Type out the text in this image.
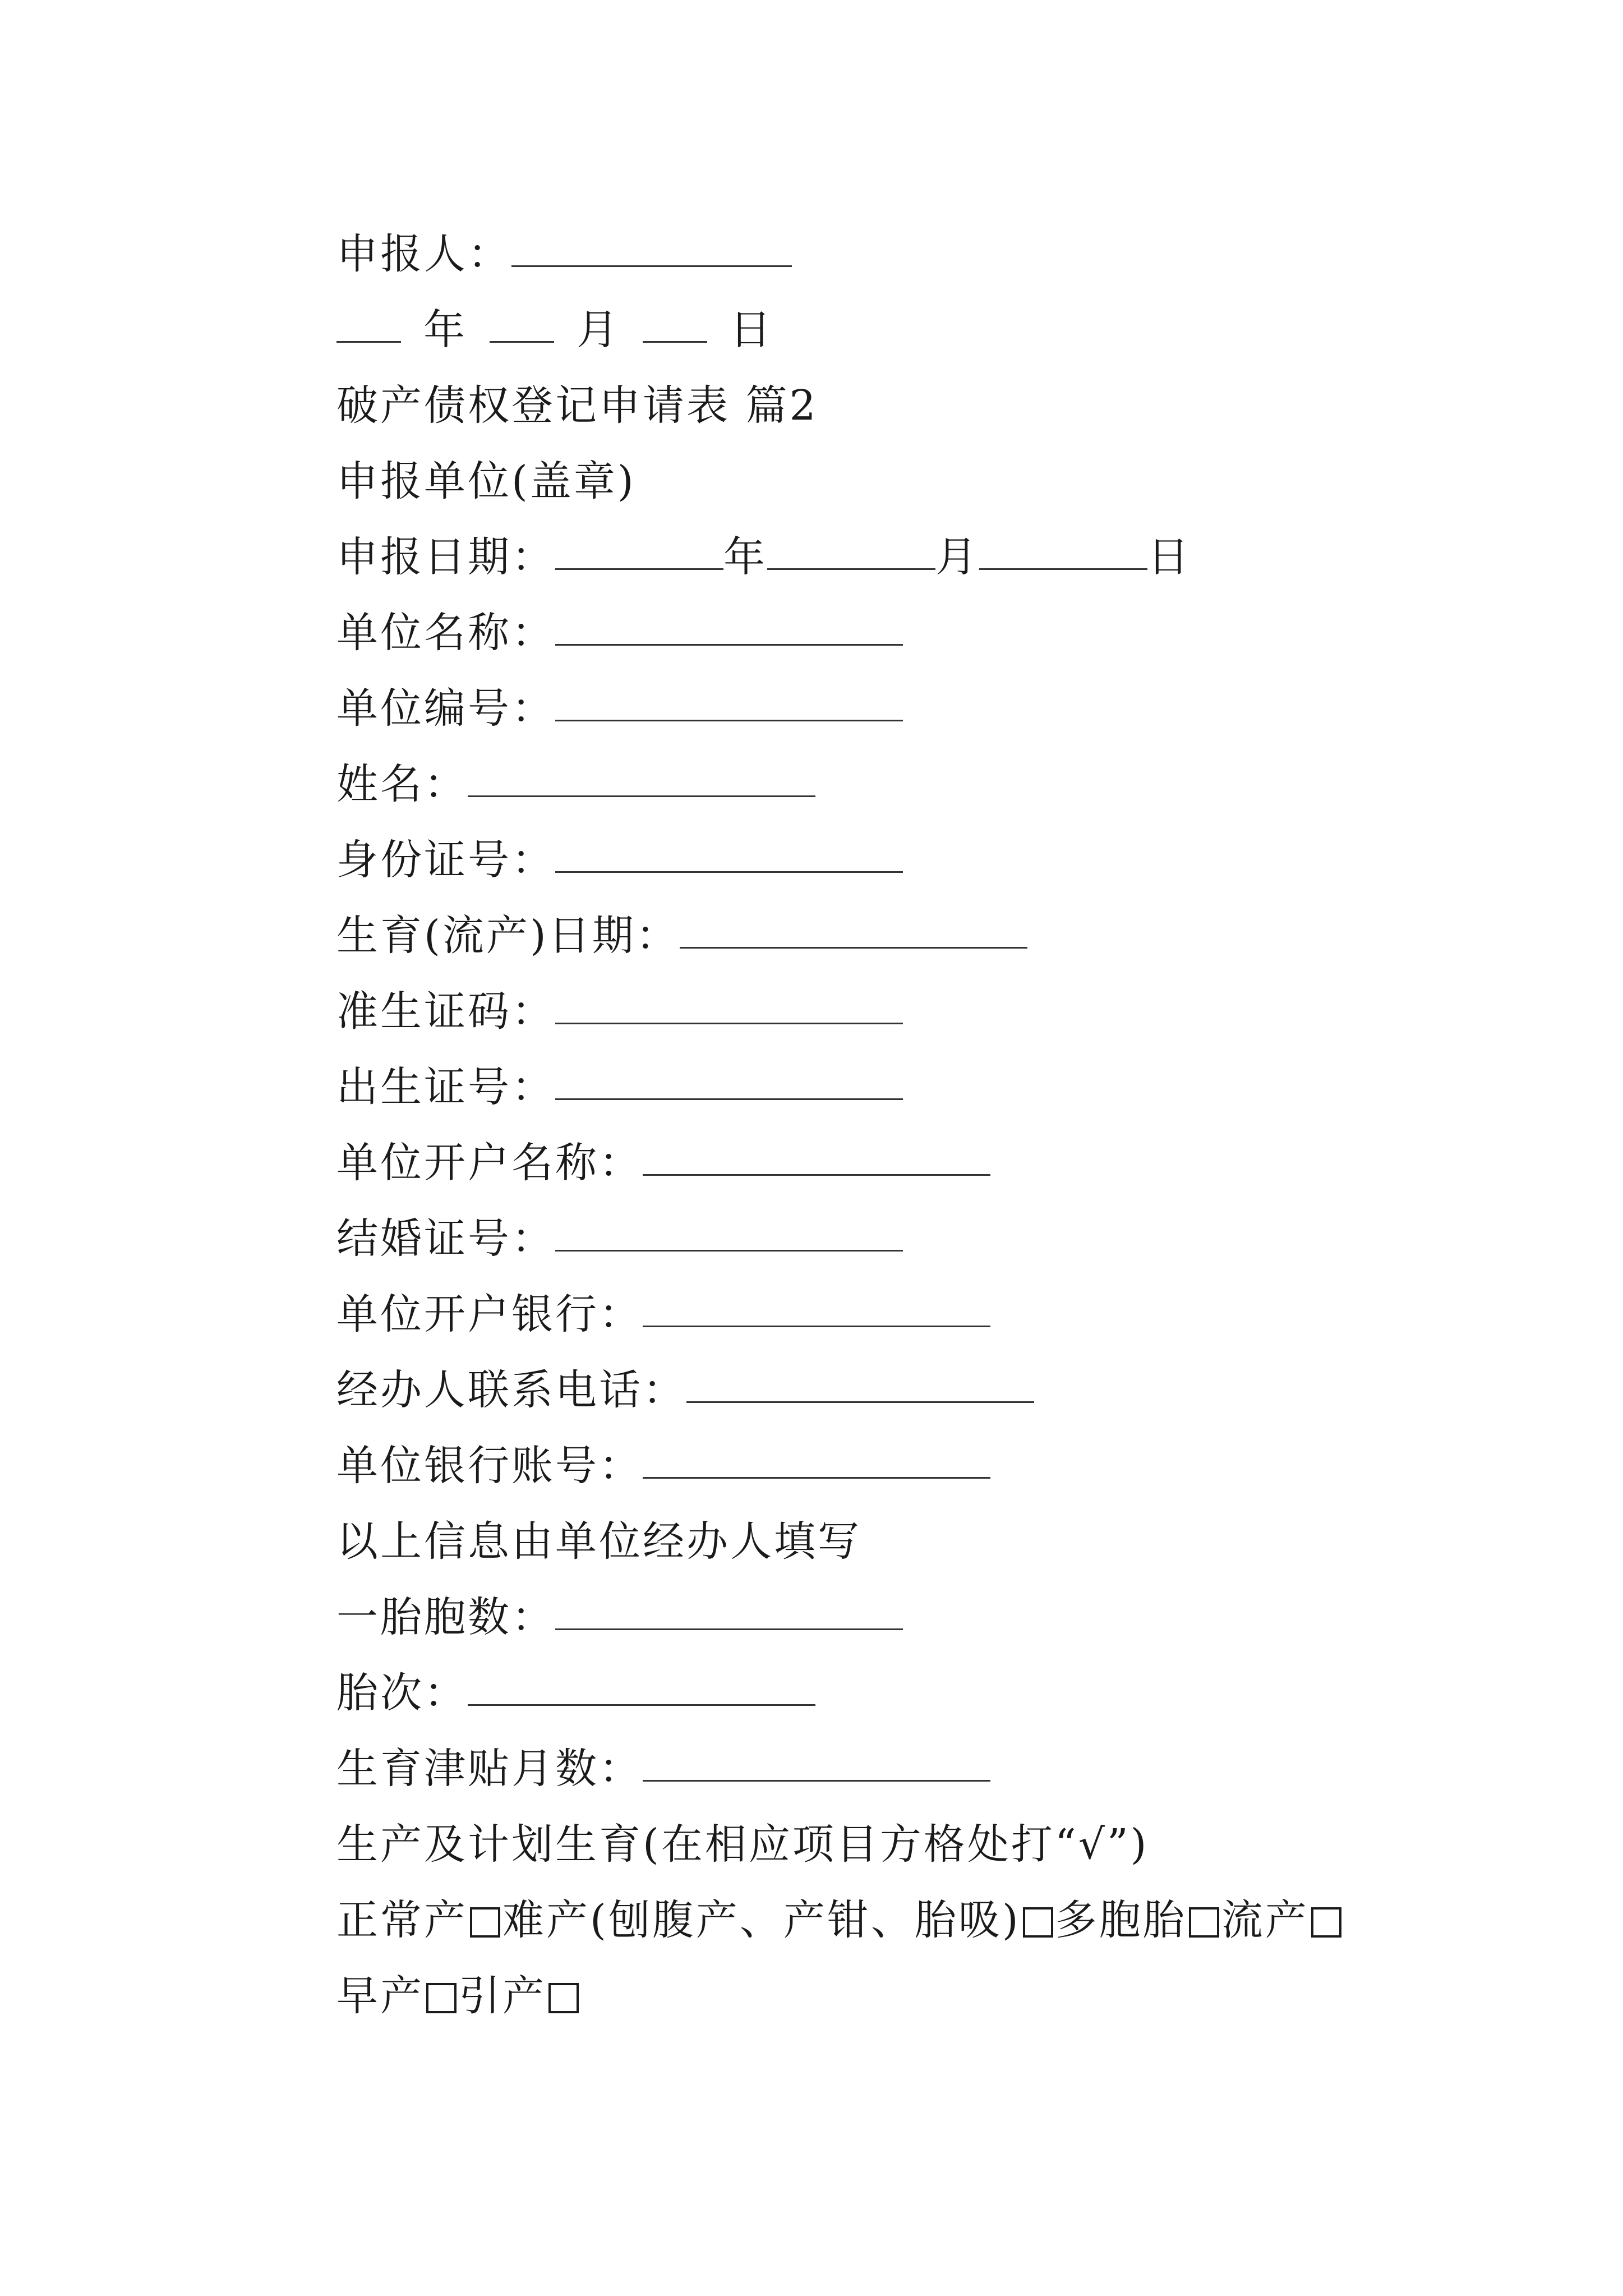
申报人：
年	月	日
破产债权登记申请表 篇2
申报单位(盖章)
申报日期：	年	月	日
单位名称：
单位编号：
姓名：
身份证号：
生育(流产)日期：
准生证码：
出生证号：
单位开户名称：
结婚证号：
单位开户银行：
经办人联系电话：
单位银行账号：
以上信息由单位经办人填写
一胎胞数：
胎次：
生育津贴月数：
生产及计划生育(在相应项目方格处打“√”)
正常产 难产(刨腹产、产钳、胎吸) 多胞胎 流产
早产 引产
